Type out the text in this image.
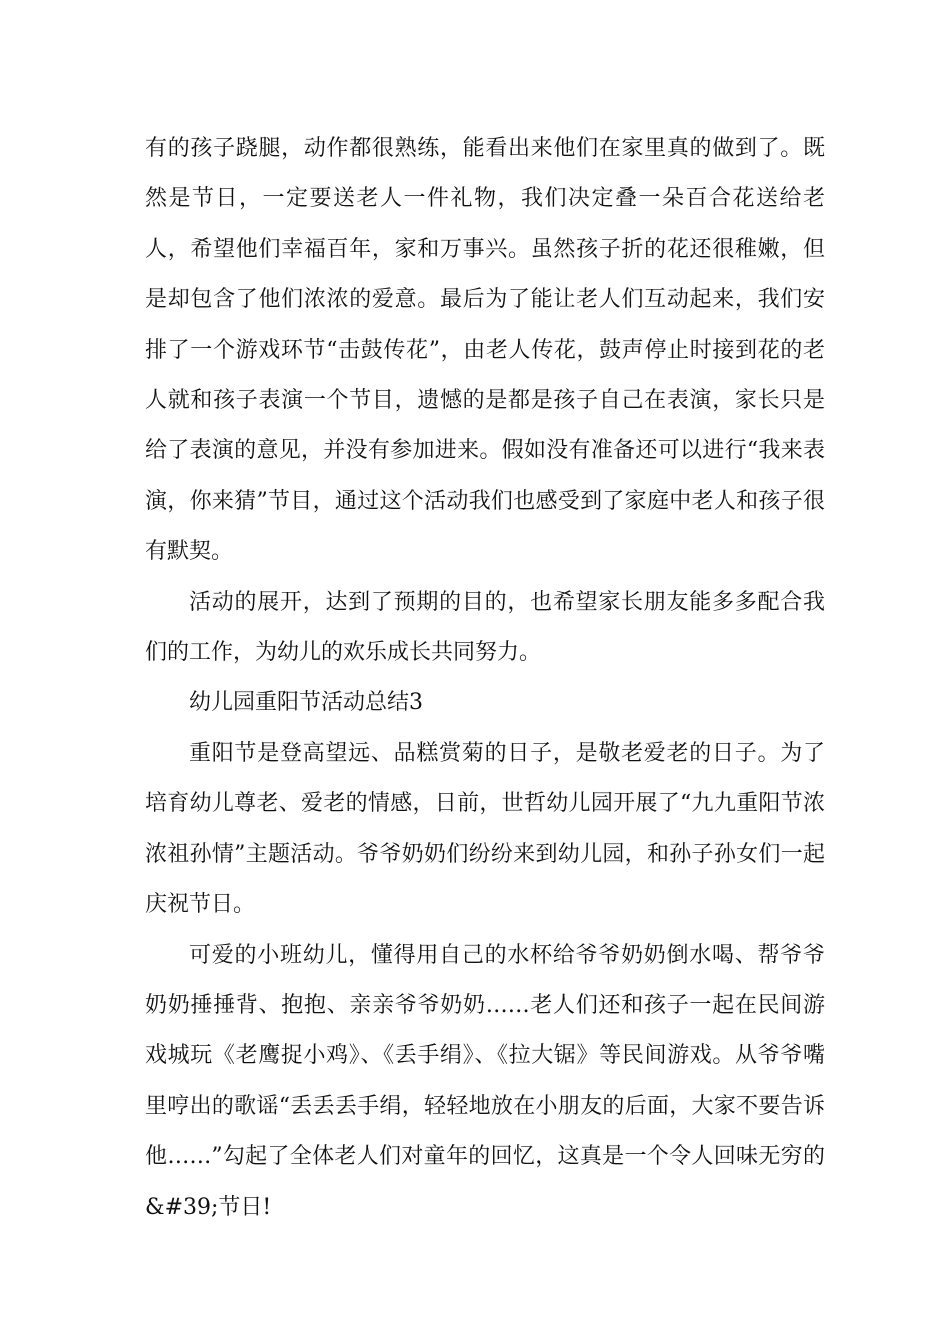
有的孩子跷腿，动作都很熟练，能看出来他们在家里真的做到了。既然是节日，一定要送老人一件礼物，我们决定叠一朵百合花送给老人，希望他们幸福百年，家和万事兴。虽然孩子折的花还很稚嫩，但是却包含了他们浓浓的爱意。最后为了能让老人们互动起来，我们安排了一个游戏环节“击鼓传花”，由老人传花，鼓声停止时接到花的老人就和孩子表演一个节目，遗憾的是都是孩子自己在表演，家长只是给了表演的意见，并没有参加进来。假如没有准备还可以进行“我来表演，你来猜”节目，通过这个活动我们也感受到了家庭中老人和孩子很有默契。

活动的展开，达到了预期的目的，也希望家长朋友能多多配合我们的工作，为幼儿的欢乐成长共同努力。

幼儿园重阳节活动总结3

重阳节是登高望远、品糕赏菊的日子，是敬老爱老的日子。为了培育幼儿尊老、爱老的情感，日前，世哲幼儿园开展了“九九重阳节浓浓祖孙情”主题活动。爷爷奶奶们纷纷来到幼儿园，和孙子孙女们一起庆祝节日。

可爱的小班幼儿，懂得用自己的水杯给爷爷奶奶倒水喝、帮爷爷奶奶捶捶背、抱抱、亲亲爷爷奶奶……老人们还和孩子一起在民间游戏城玩《老鹰捉小鸡》、《丢手绢》、《拉大锯》等民间游戏。从爷爷嘴里哼出的歌谣“丢丢丢手绢，轻轻地放在小朋友的后面，大家不要告诉他……”勾起了全体老人们对童年的回忆，这真是一个令人回味无穷的&#39;节日!
